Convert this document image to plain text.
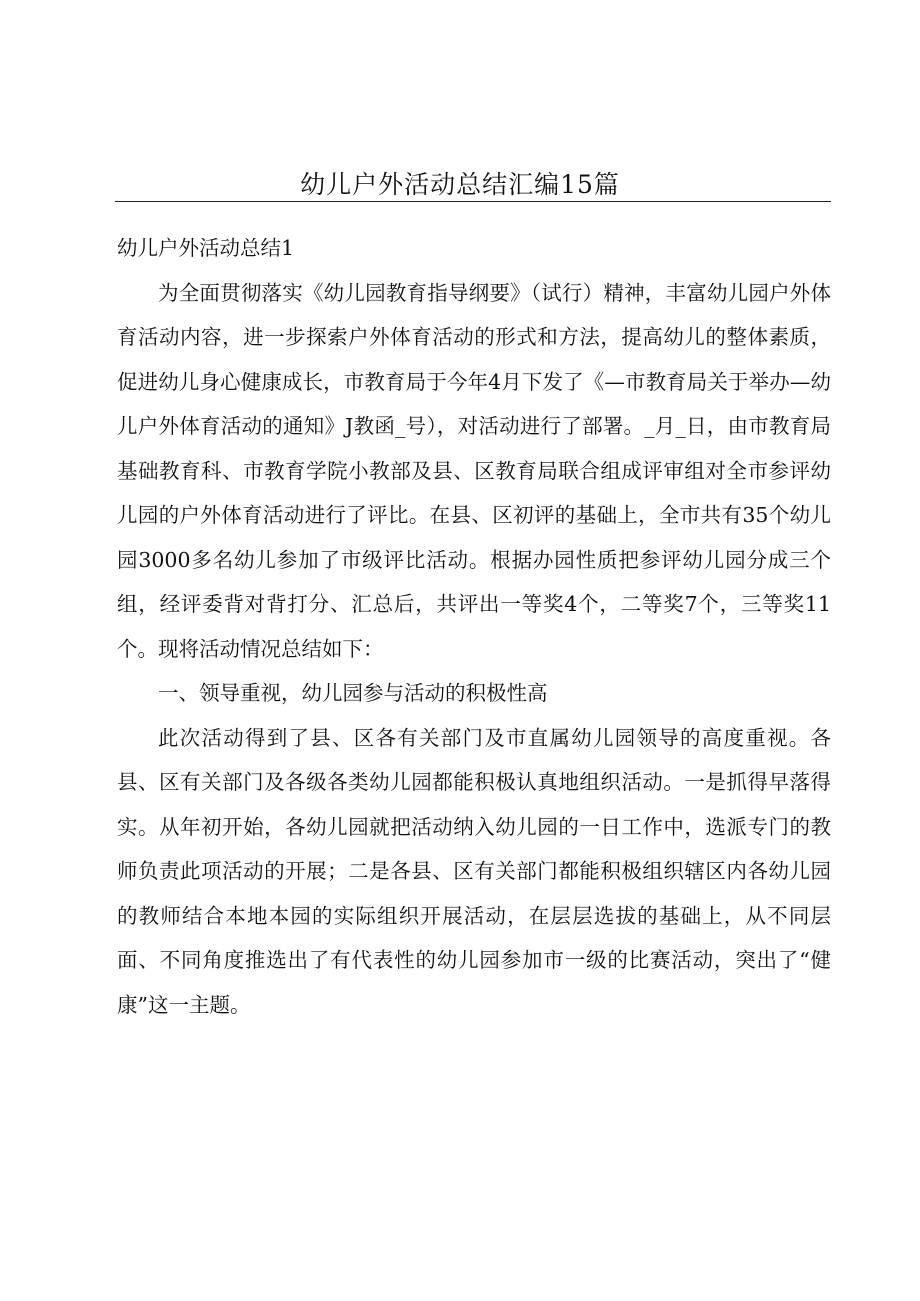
幼儿户外活动总结汇编15篇

幼儿户外活动总结1

为全面贯彻落实《幼儿园教育指导纲要》（试行）精神，丰富幼儿园户外体育活动内容，进一步探索户外体育活动的形式和方法，提高幼儿的整体素质，促进幼儿身心健康成长，市教育局于今年4月下发了《—市教育局关于举办—幼儿户外体育活动的通知》J教函_号），对活动进行了部署。_月_日，由市教育局基础教育科、市教育学院小教部及县、区教育局联合组成评审组对全市参评幼儿园的户外体育活动进行了评比。在县、区初评的基础上，全市共有35个幼儿园3000多名幼儿参加了市级评比活动。根据办园性质把参评幼儿园分成三个组，经评委背对背打分、汇总后，共评出一等奖4个，二等奖7个，三等奖11个。现将活动情况总结如下：

一、领导重视，幼儿园参与活动的积极性高

此次活动得到了县、区各有关部门及市直属幼儿园领导的高度重视。各县、区有关部门及各级各类幼儿园都能积极认真地组织活动。一是抓得早落得实。从年初开始，各幼儿园就把活动纳入幼儿园的一日工作中，选派专门的教师负责此项活动的开展；二是各县、区有关部门都能积极组织辖区内各幼儿园的教师结合本地本园的实际组织开展活动，在层层选拔的基础上，从不同层面、不同角度推选出了有代表性的幼儿园参加市一级的比赛活动，突出了“健康”这一主题。
